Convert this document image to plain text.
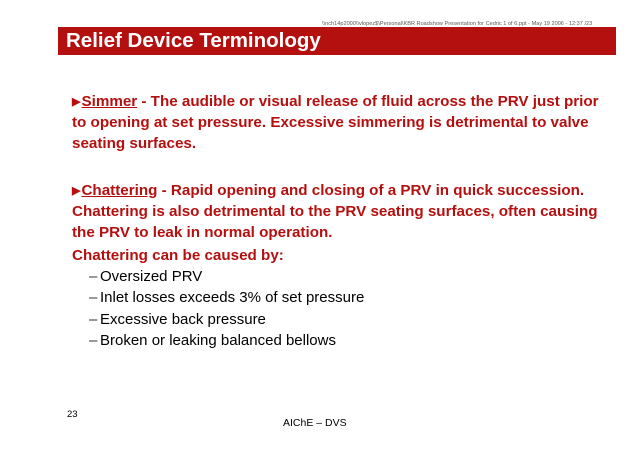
\\nch14p2000\\vlopez$\Personal\KBR Roadshow Presentation for Cedric 1 of 6.ppt - May 19 2006 - 12:37 /23
Relief Device Terminology
▶Simmer - The audible or visual release of fluid across the PRV just prior to opening at set pressure. Excessive simmering is detrimental to valve seating surfaces.
▶Chattering - Rapid opening and closing of a PRV in quick succession. Chattering is also detrimental to the PRV seating surfaces, often causing the PRV to leak in normal operation.
Chattering can be caused by:
– Oversized PRV
– Inlet losses exceeds 3% of set pressure
– Excessive back pressure
– Broken or leaking balanced bellows
23
AIChE – DVS
